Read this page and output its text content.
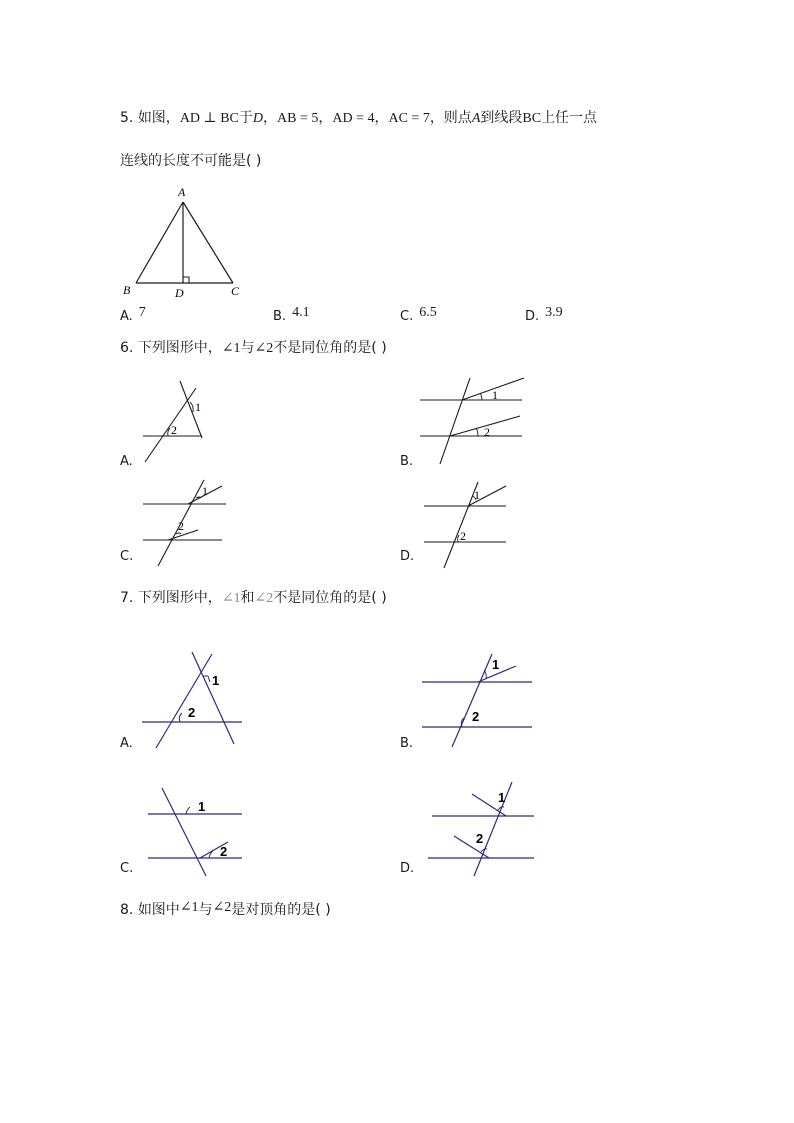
5. 如图，AD ⊥ BC于D，AB = 5，AD = 4，AC = 7，则点A到线段BC上任一点
连线的长度不可能是( )
A
B	D	C
A. 7	B. 4.1	C. 6.5	D. 3.9
6. 下列图形中，∠1与∠2不是同位角的是( )
1
2
A.
1
2
B.
1
2
C.
1
2
D.
7. 下列图形中，∠1和∠2不是同位角的是( )
1
2
A.
1
2
B.
1
2
C.
1
2
D.
8. 如图中∠1与∠2是对顶角的是( )
